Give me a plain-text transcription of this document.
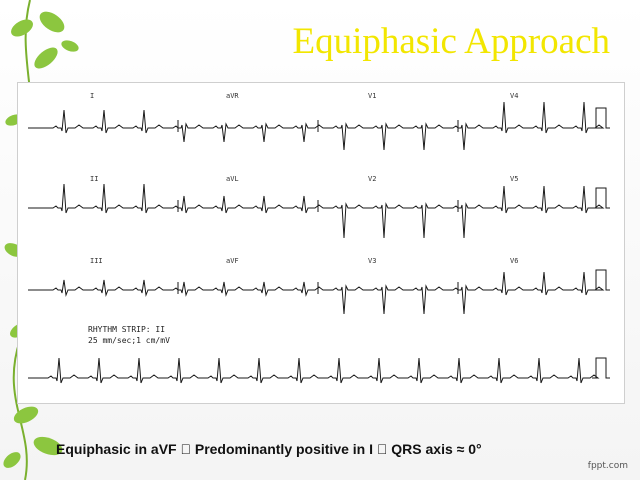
Equiphasic Approach
I	aVR	V1	V4
II	aVL	V2	V5
III	aVF	V3	V6
RHYTHM STRIP: II
25 mm/sec;1 cm/mV
Equiphasic in aVF Predominantly positive in I QRS axis ≈ 0°
fppt.com
